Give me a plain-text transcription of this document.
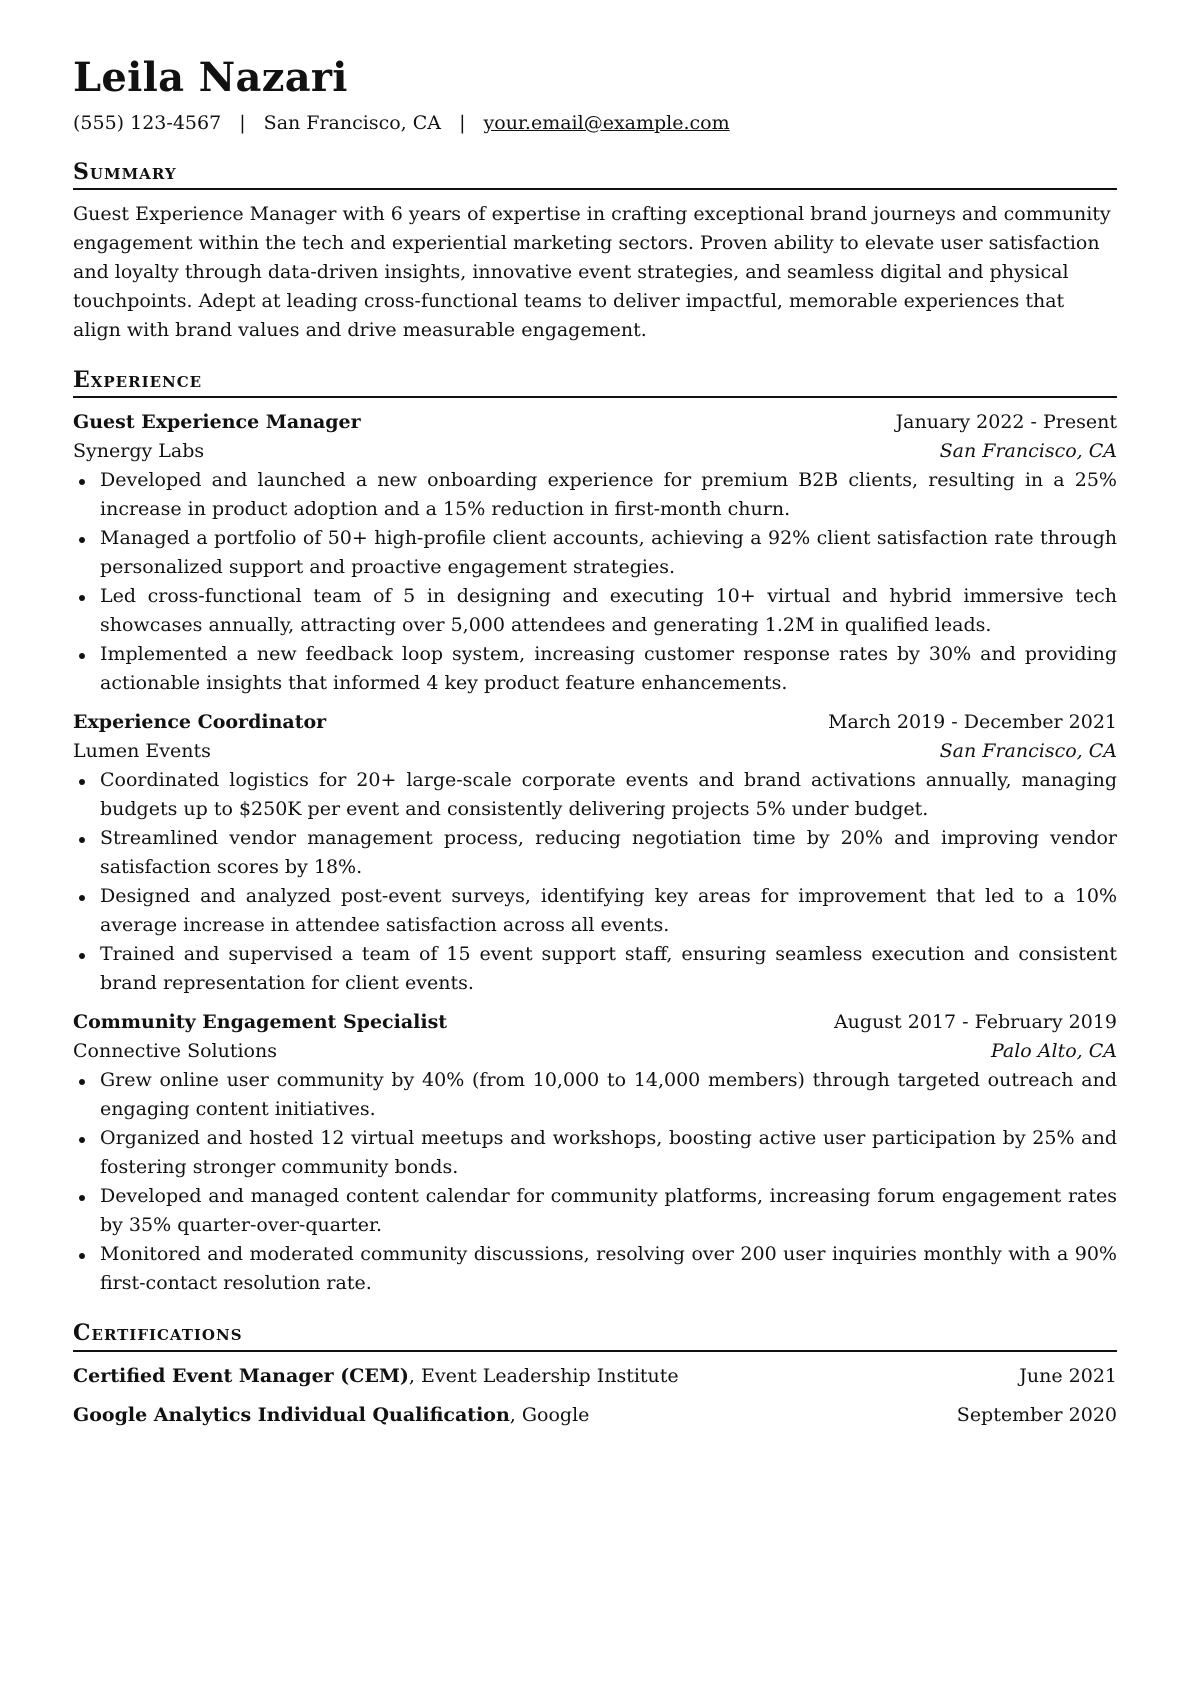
Leila Nazari
(555) 123-4567 | San Francisco, CA | your.email@example.com
Summary

Guest Experience Manager with 6 years of expertise in crafting exceptional brand journeys and community engagement within the tech and experiential marketing sectors. Proven ability to elevate user satisfaction and loyalty through data-driven insights, innovative event strategies, and seamless digital and physical touchpoints. Adept at leading cross-functional teams to deliver impactful, memorable experiences that align with brand values and drive measurable engagement.

Experience
Guest Experience Manager	January 2022 - Present
Synergy Labs	San Francisco, CA
Developed and launched a new onboarding experience for premium B2B clients, resulting in a 25% increase in product adoption and a 15% reduction in first-month churn.
Managed a portfolio of 50+ high-profile client accounts, achieving a 92% client satisfaction rate through personalized support and proactive engagement strategies.
Led cross-functional team of 5 in designing and executing 10+ virtual and hybrid immersive tech showcases annually, attracting over 5,000 attendees and generating 1.2M in qualified leads.
Implemented a new feedback loop system, increasing customer response rates by 30% and providing actionable insights that informed 4 key product feature enhancements.
Experience Coordinator	March 2019 - December 2021
Lumen Events	San Francisco, CA
Coordinated logistics for 20+ large-scale corporate events and brand activations annually, managing budgets up to $250K per event and consistently delivering projects 5% under budget.
Streamlined vendor management process, reducing negotiation time by 20% and improving vendor satisfaction scores by 18%.
Designed and analyzed post-event surveys, identifying key areas for improvement that led to a 10% average increase in attendee satisfaction across all events.
Trained and supervised a team of 15 event support staff, ensuring seamless execution and consistent brand representation for client events.
Community Engagement Specialist	August 2017 - February 2019
Connective Solutions	Palo Alto, CA
Grew online user community by 40% (from 10,000 to 14,000 members) through targeted outreach and engaging content initiatives.
Organized and hosted 12 virtual meetups and workshops, boosting active user participation by 25% and fostering stronger community bonds.
Developed and managed content calendar for community platforms, increasing forum engagement rates by 35% quarter-over-quarter.
Monitored and moderated community discussions, resolving over 200 user inquiries monthly with a 90% first-contact resolution rate.
Certifications
Certified Event Manager (CEM), Event Leadership Institute	June 2021
Google Analytics Individual Qualification, Google	September 2020
